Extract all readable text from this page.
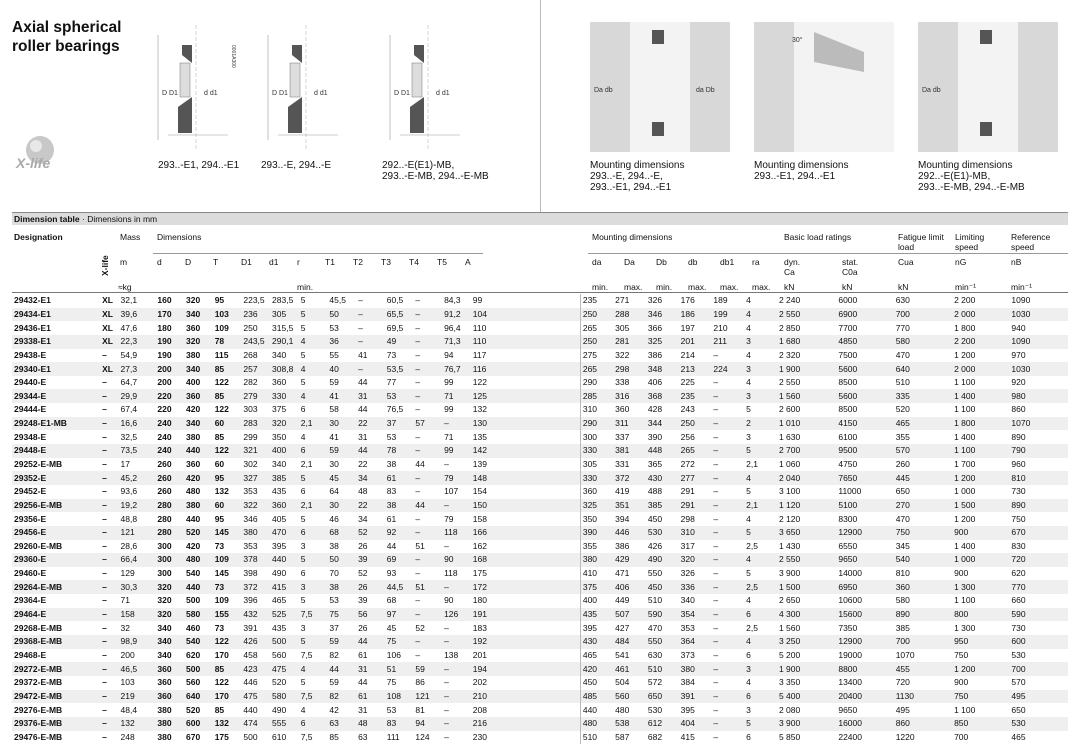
Axial spherical
roller bearings
X-life
D D1	d d1
0001A300
D D1	d d1	D D1	d d1	Da db	da Db
30°
Da db
293..-E1, 294..-E1 293..-E, 294..-E	292..-E(E1)-MB,
293..-E-MB, 294..-E-MB
Mounting dimensions
293..-E, 294..-E,
293..-E1, 294..-E1
Mounting dimensions
293..-E1, 294..-E1
Mounting dimensions
292..-E(E1)-MB,
293..-E-MB, 294..-E-MB
Dimension table · Dimensions in mm
Designation	Mass
m
≈kg
X-life
Dimensions
d	D	T	D1 d1 r
min.
T1 T2 T3 T4 T5 A
Mounting dimensions
da	Da Db db	db1 ra
min. max. min. max. max. max.
Basic load ratings
dyn.
Ca
kN
stat.
C0a
kN
Fatigue limit load
Cua
kN
Limiting speed
nG
min⁻¹
Reference speed
nB
min⁻¹
29432-E1	XL	32,1	160	320	95	223,5	283,5	5	45,5	–	60,5	–	84,3	99	235	271	326	176	189	4	2 240	6000	630	2 200	1090
29434-E1	XL	39,6	170	340	103	236	305	5	50	–	65,5	–	91,2	104	250	288	346	186	199	4	2 550	6900	700	2 000	1030
29436-E1	XL	47,6	180	360	109	250	315,5	5	53	–	69,5	–	96,4	110	265	305	366	197	210	4	2 850	7700	770	1 800	940
29338-E1	XL	22,3	190	320	78	243,5	290,1	4	36	–	49	–	71,3	110	250	281	325	201	211	3	1 680	4850	580	2 200	1090
29438-E	–	54,9	190	380	115	268	340	5	55	41	73	–	94	117	275	322	386	214	–	4	2 320	7500	470	1 200	970
29340-E1	XL	27,3	200	340	85	257	308,8	4	40	–	53,5	–	76,7	116	265	298	348	213	224	3	1 900	5600	640	2 000	1030
29440-E	–	64,7	200	400	122	282	360	5	59	44	77	–	99	122	290	338	406	225	–	4	2 550	8500	510	1 100	920
29344-E	–	29,9	220	360	85	279	330	4	41	31	53	–	71	125	285	316	368	235	–	3	1 560	5600	335	1 400	980
29444-E	–	67,4	220	420	122	303	375	6	58	44	76,5	–	99	132	310	360	428	243	–	5	2 600	8500	520	1 100	860
29248-E1-MB	–	16,6	240	340	60	283	320	2,1	30	22	37	57	–	130	290	311	344	250	–	2	1 010	4150	465	1 800	1070
29348-E	–	32,5	240	380	85	299	350	4	41	31	53	–	71	135	300	337	390	256	–	3	1 630	6100	355	1 400	890
29448-E	–	73,5	240	440	122	321	400	6	59	44	78	–	99	142	330	381	448	265	–	5	2 700	9500	570	1 100	790
29252-E-MB	–	17	260	360	60	302	340	2,1	30	22	38	44	–	139	305	331	365	272	–	2,1	1 060	4750	260	1 700	960
29352-E	–	45,2	260	420	95	327	385	5	45	34	61	–	79	148	330	372	430	277	–	4	2 040	7650	445	1 200	810
29452-E	–	93,6	260	480	132	353	435	6	64	48	83	–	107	154	360	419	488	291	–	5	3 100	11000	650	1 000	730
29256-E-MB	–	19,2	280	380	60	322	360	2,1	30	22	38	44	–	150	325	351	385	291	–	2,1	1 120	5100	270	1 500	890
29356-E	–	48,8	280	440	95	346	405	5	46	34	61	–	79	158	350	394	450	298	–	4	2 120	8300	470	1 200	750
29456-E	–	121	280	520	145	380	470	6	68	52	92	–	118	166	390	446	530	310	–	5	3 650	12900	750	900	670
29260-E-MB	–	28,6	300	420	73	353	395	3	38	26	44	51	–	162	355	386	426	317	–	2,5	1 430	6550	345	1 400	830
29360-E	–	66,4	300	480	109	378	440	5	50	39	69	–	90	168	380	429	490	320	–	4	2 550	9650	540	1 000	720
29460-E	–	129	300	540	145	398	490	6	70	52	93	–	118	175	410	471	550	326	–	5	3 900	14000	810	900	620
29264-E-MB	–	30,3	320	440	73	372	415	3	38	26	44,5	51	–	172	375	406	450	336	–	2,5	1 500	6950	360	1 300	770
29364-E	–	71	320	500	109	396	465	5	53	39	68	–	90	180	400	449	510	340	–	4	2 650	10600	580	1 100	660
29464-E	–	158	320	580	155	432	525	7,5	75	56	97	–	126	191	435	507	590	354	–	6	4 300	15600	890	800	590
29268-E-MB	–	32	340	460	73	391	435	3	37	26	45	52	–	183	395	427	470	353	–	2,5	1 560	7350	385	1 300	730
29368-E-MB	–	98,9	340	540	122	426	500	5	59	44	75	–	–	192	430	484	550	364	–	4	3 250	12900	700	950	600
29468-E	–	200	340	620	170	458	560	7,5	82	61	106	–	138	201	465	541	630	373	–	6	5 200	19000	1070	750	530
29272-E-MB	–	46,5	360	500	85	423	475	4	44	31	51	59	–	194	420	461	510	380	–	3	1 900	8800	455	1 200	700
29372-E-MB	–	103	360	560	122	446	520	5	59	44	75	86	–	202	450	504	572	384	–	4	3 350	13400	720	900	570
29472-E-MB	–	219	360	640	170	475	580	7,5	82	61	108	121	–	210	485	560	650	391	–	6	5 400	20400	1130	750	495
29276-E-MB	–	48,4	380	520	85	440	490	4	42	31	53	81	–	208	440	480	530	395	–	3	2 080	9650	495	1 100	650
29376-E-MB	–	132	380	600	132	474	555	6	63	48	83	94	–	216	480	538	612	404	–	5	3 900	16000	860	850	530
29476-E-MB	–	248	380	670	175	500	610	7,5	85	63	111	124	–	230	510	587	682	415	–	6	5 850	22400	1220	700	465
